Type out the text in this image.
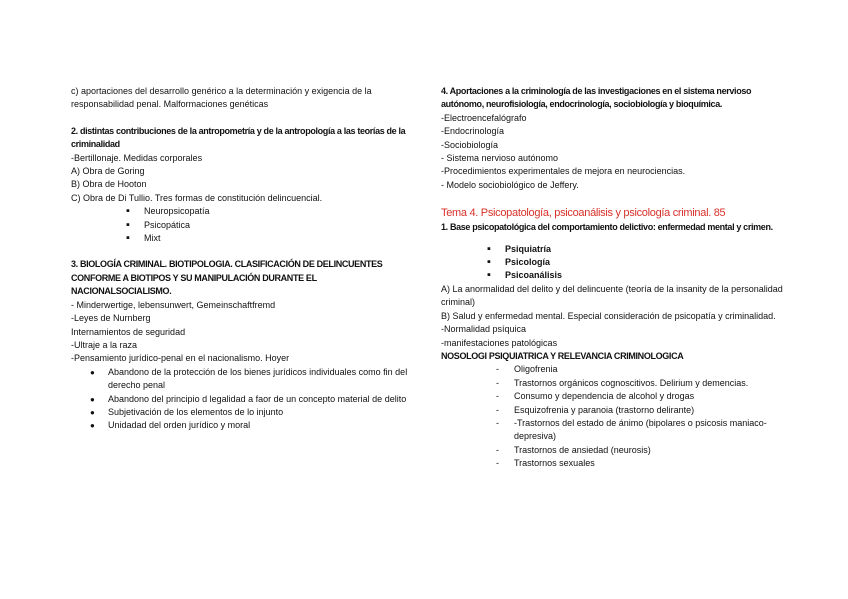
c) aportaciones del desarrollo genérico a la determinación y exigencia de la responsabilidad penal. Malformaciones genéticas

2. distintas contribuciones de la antropometría y de la antropología a las teorías de la criminalidad

-Bertillonaje. Medidas corporales

A) Obra de Goring

B) Obra de Hooton

C) Obra de Di Tullio. Tres formas de constitución delincuencial.

▪ Neuropsicopatía
▪ Psicopática
▪ Mixt

3. BIOLOGÍA CRIMINAL. BIOTIPOLOGIA. CLASIFICACIÓN DE DELINCUENTES CONFORME A BIOTIPOS Y SU MANIPULACIÓN DURANTE EL NACIONALSOCIALISMO.

- Minderwertige, lebensunwert, Gemeinschaftfremd

-Leyes de Nurnberg

Internamientos de seguridad

-Ultraje a la raza

-Pensamiento jurídico-penal en el nacionalismo. Hoyer

● Abandono de la protección de los bienes jurídicos individuales como fin del derecho penal
● Abandono del principio d legalidad a faor de un concepto material de delito
● Subjetivación de los elementos de lo injunto
● Unidadad del orden jurídico y moral

4. Aportaciones a la criminología de las investigaciones en el sistema nervioso autónomo, neurofisiología, endocrinología, sociobiología y bioquímica.

-Electroencefalógrafo

-Endocrinología

-Sociobiología

- Sistema nervioso autónomo

-Procedimientos experimentales de mejora en neurociencias.

- Modelo sociobiológico de Jeffery.

Tema 4. Psicopatología, psicoanálisis y psicología criminal. 85

1. Base psicopatológica del comportamiento delictivo: enfermedad mental y crimen.

▪ Psiquiatría
▪ Psicología
▪ Psicoanálisis

A) La anormalidad del delito y del delincuente (teoría de la insanity de la personalidad criminal)

B) Salud y enfermedad mental. Especial consideración de psicopatía y criminalidad.

-Normalidad psíquica

-manifestaciones patológicas

NOSOLOGI PSIQUIATRICA Y RELEVANCIA CRIMINOLOGICA

- Oligofrenia
- Trastornos orgánicos cognoscitivos. Delirium y demencias.
- Consumo y dependencia de alcohol y drogas
- Esquizofrenia y paranoia (trastorno delirante)
- -Trastornos del estado de ánimo (bipolares o psicosis maniaco-depresiva)
- Trastornos de ansiedad (neurosis)
- Trastornos sexuales
